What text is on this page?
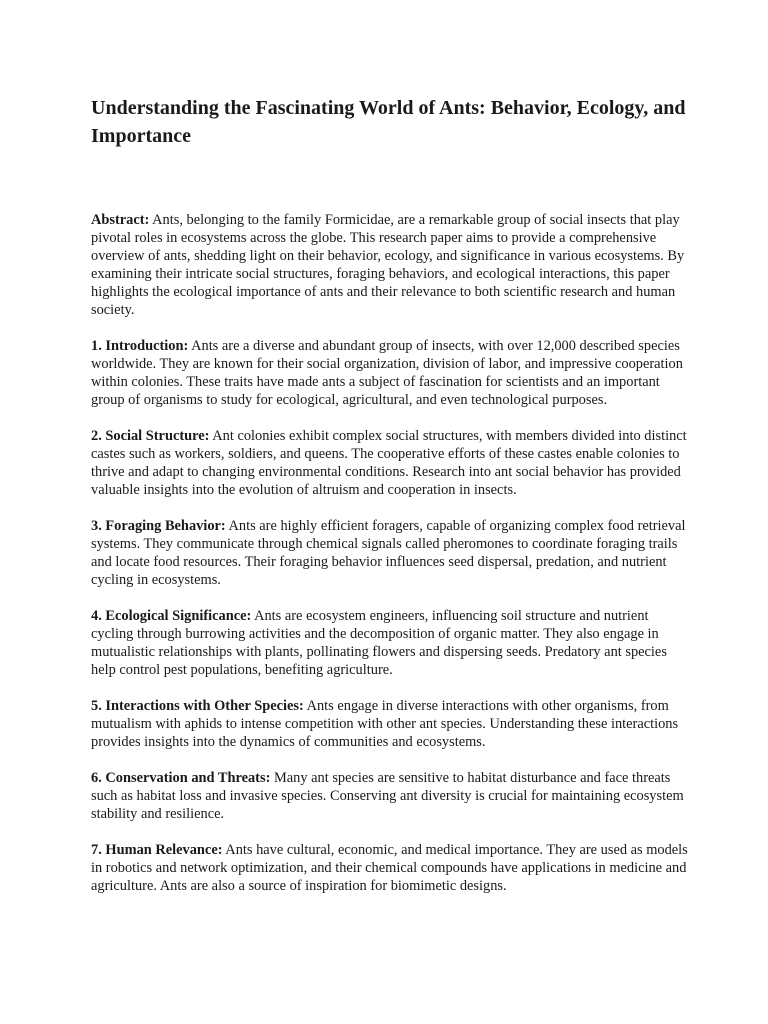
Understanding the Fascinating World of Ants: Behavior, Ecology, and Importance

Abstract: Ants, belonging to the family Formicidae, are a remarkable group of social insects that play pivotal roles in ecosystems across the globe. This research paper aims to provide a comprehensive overview of ants, shedding light on their behavior, ecology, and significance in various ecosystems. By examining their intricate social structures, foraging behaviors, and ecological interactions, this paper highlights the ecological importance of ants and their relevance to both scientific research and human society.

1. Introduction: Ants are a diverse and abundant group of insects, with over 12,000 described species worldwide. They are known for their social organization, division of labor, and impressive cooperation within colonies. These traits have made ants a subject of fascination for scientists and an important group of organisms to study for ecological, agricultural, and even technological purposes.

2. Social Structure: Ant colonies exhibit complex social structures, with members divided into distinct castes such as workers, soldiers, and queens. The cooperative efforts of these castes enable colonies to thrive and adapt to changing environmental conditions. Research into ant social behavior has provided valuable insights into the evolution of altruism and cooperation in insects.

3. Foraging Behavior: Ants are highly efficient foragers, capable of organizing complex food retrieval systems. They communicate through chemical signals called pheromones to coordinate foraging trails and locate food resources. Their foraging behavior influences seed dispersal, predation, and nutrient cycling in ecosystems.

4. Ecological Significance: Ants are ecosystem engineers, influencing soil structure and nutrient cycling through burrowing activities and the decomposition of organic matter. They also engage in mutualistic relationships with plants, pollinating flowers and dispersing seeds. Predatory ant species help control pest populations, benefiting agriculture.

5. Interactions with Other Species: Ants engage in diverse interactions with other organisms, from mutualism with aphids to intense competition with other ant species. Understanding these interactions provides insights into the dynamics of communities and ecosystems.

6. Conservation and Threats: Many ant species are sensitive to habitat disturbance and face threats such as habitat loss and invasive species. Conserving ant diversity is crucial for maintaining ecosystem stability and resilience.

7. Human Relevance: Ants have cultural, economic, and medical importance. They are used as models in robotics and network optimization, and their chemical compounds have applications in medicine and agriculture. Ants are also a source of inspiration for biomimetic designs.
